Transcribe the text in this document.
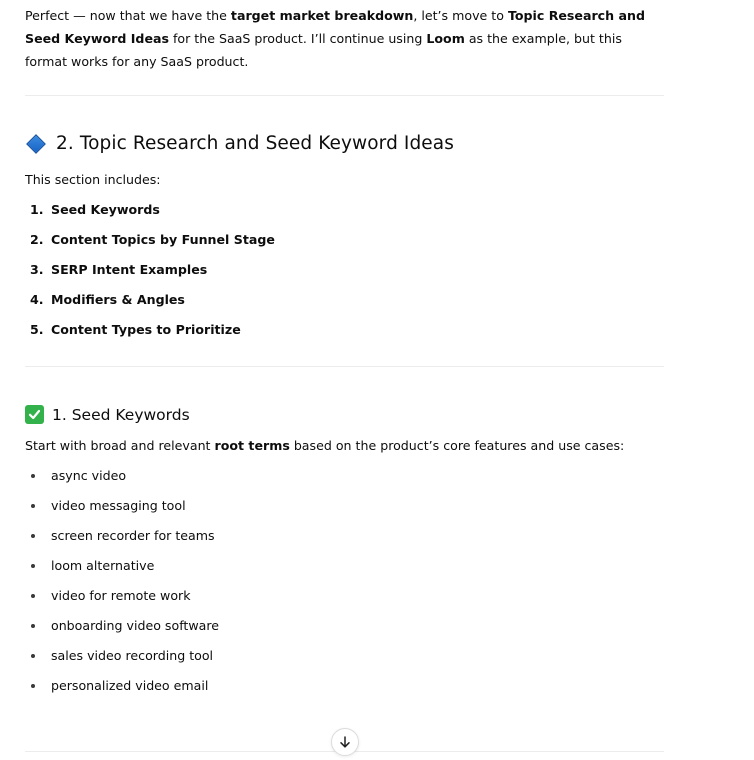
Perfect — now that we have the target market breakdown, let’s move to Topic Research and Seed Keyword Ideas for the SaaS product. I’ll continue using Loom as the example, but this format works for any SaaS product.

2. Topic Research and Seed Keyword Ideas
This section includes:
1. Seed Keywords
2. Content Topics by Funnel Stage
3. SERP Intent Examples
4. Modifiers & Angles
5. Content Types to Prioritize
1. Seed Keywords
Start with broad and relevant root terms based on the product’s core features and use cases:
async video
video messaging tool
screen recorder for teams
loom alternative
video for remote work
onboarding video software
sales video recording tool
personalized video email
